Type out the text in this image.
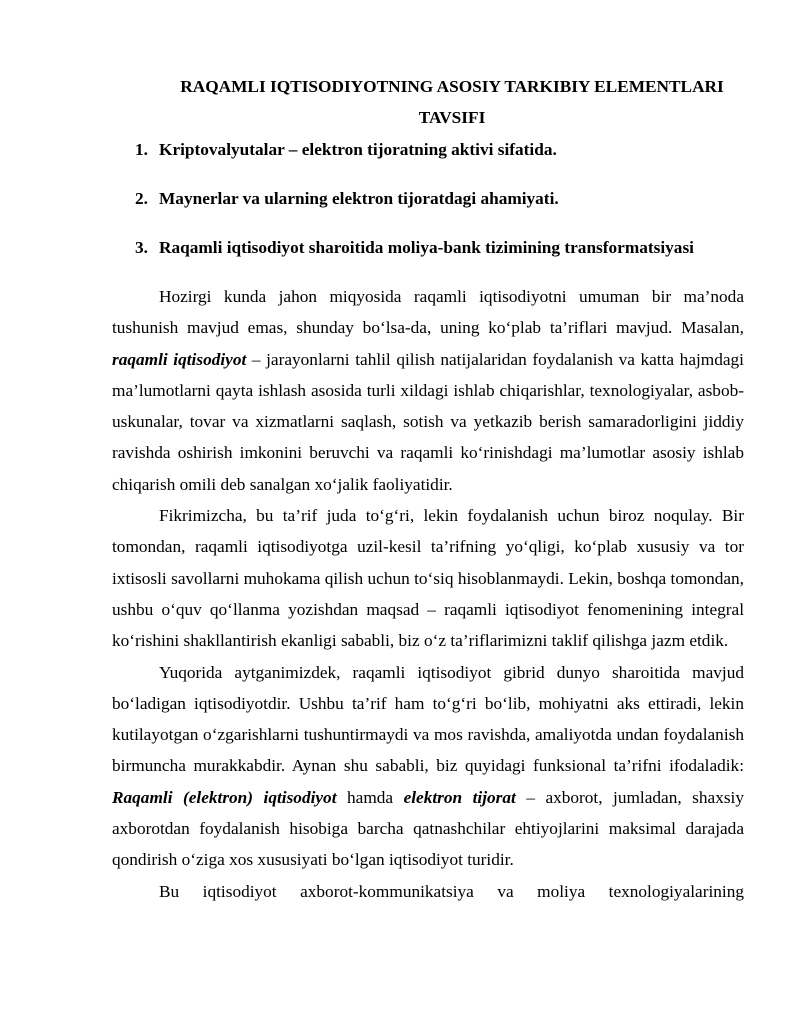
RAQAMLI IQTISODIYOTNING ASOSIY TARKIBIY ELEMENTLARI TAVSIFI
1. Kriptovalyutalar – elektron tijoratning aktivi sifatida.
2. Maynerlar va ularning elektron tijoratdagi ahamiyati.
3. Raqamli iqtisodiyot sharoitida moliya-bank tizimining transformatsiyasi

Hozirgi kunda jahon miqyosida raqamli iqtisodiyotni umuman bir ma’noda tushunish mavjud emas, shunday bo‘lsa-da, uning ko‘plab ta’riflari mavjud. Masalan, raqamli iqtisodiyot – jarayonlarni tahlil qilish natijalaridan foydalanish va katta hajmdagi ma’lumotlarni qayta ishlash asosida turli xildagi ishlab chiqarishlar, texnologiyalar, asbob-uskunalar, tovar va xizmatlarni saqlash, sotish va yetkazib berish samaradorligini jiddiy ravishda oshirish imkonini beruvchi va raqamli ko‘rinishdagi ma’lumotlar asosiy ishlab chiqarish omili deb sanalgan xo‘jalik faoliyatidir.

Fikrimizcha, bu ta’rif juda to‘g‘ri, lekin foydalanish uchun biroz noqulay. Bir tomondan, raqamli iqtisodiyotga uzil-kesil ta’rifning yo‘qligi, ko‘plab xususiy va tor ixtisosli savollarni muhokama qilish uchun to‘siq hisoblanmaydi. Lekin, boshqa tomondan, ushbu o‘quv qo‘llanma yozishdan maqsad – raqamli iqtisodiyot fenomenining integral ko‘rishini shakllantirish ekanligi sababli, biz o‘z ta’riflarimizni taklif qilishga jazm etdik.

Yuqorida aytganimizdek, raqamli iqtisodiyot gibrid dunyo sharoitida mavjud bo‘ladigan iqtisodiyotdir. Ushbu ta’rif ham to‘g‘ri bo‘lib, mohiyatni aks ettiradi, lekin kutilayotgan o‘zgarishlarni tushuntirmaydi va mos ravishda, amaliyotda undan foydalanish birmuncha murakkabdir. Aynan shu sababli, biz quyidagi funksional ta’rifni ifodaladik: Raqamli (elektron) iqtisodiyot hamda elektron tijorat – axborot, jumladan, shaxsiy axborotdan foydalanish hisobiga barcha qatnashchilar ehtiyojlarini maksimal darajada qondirish o‘ziga xos xususiyati bo‘lgan iqtisodiyot turidir.

Bu iqtisodiyot axborot-kommunikatsiya va moliya texnologiyalarining
